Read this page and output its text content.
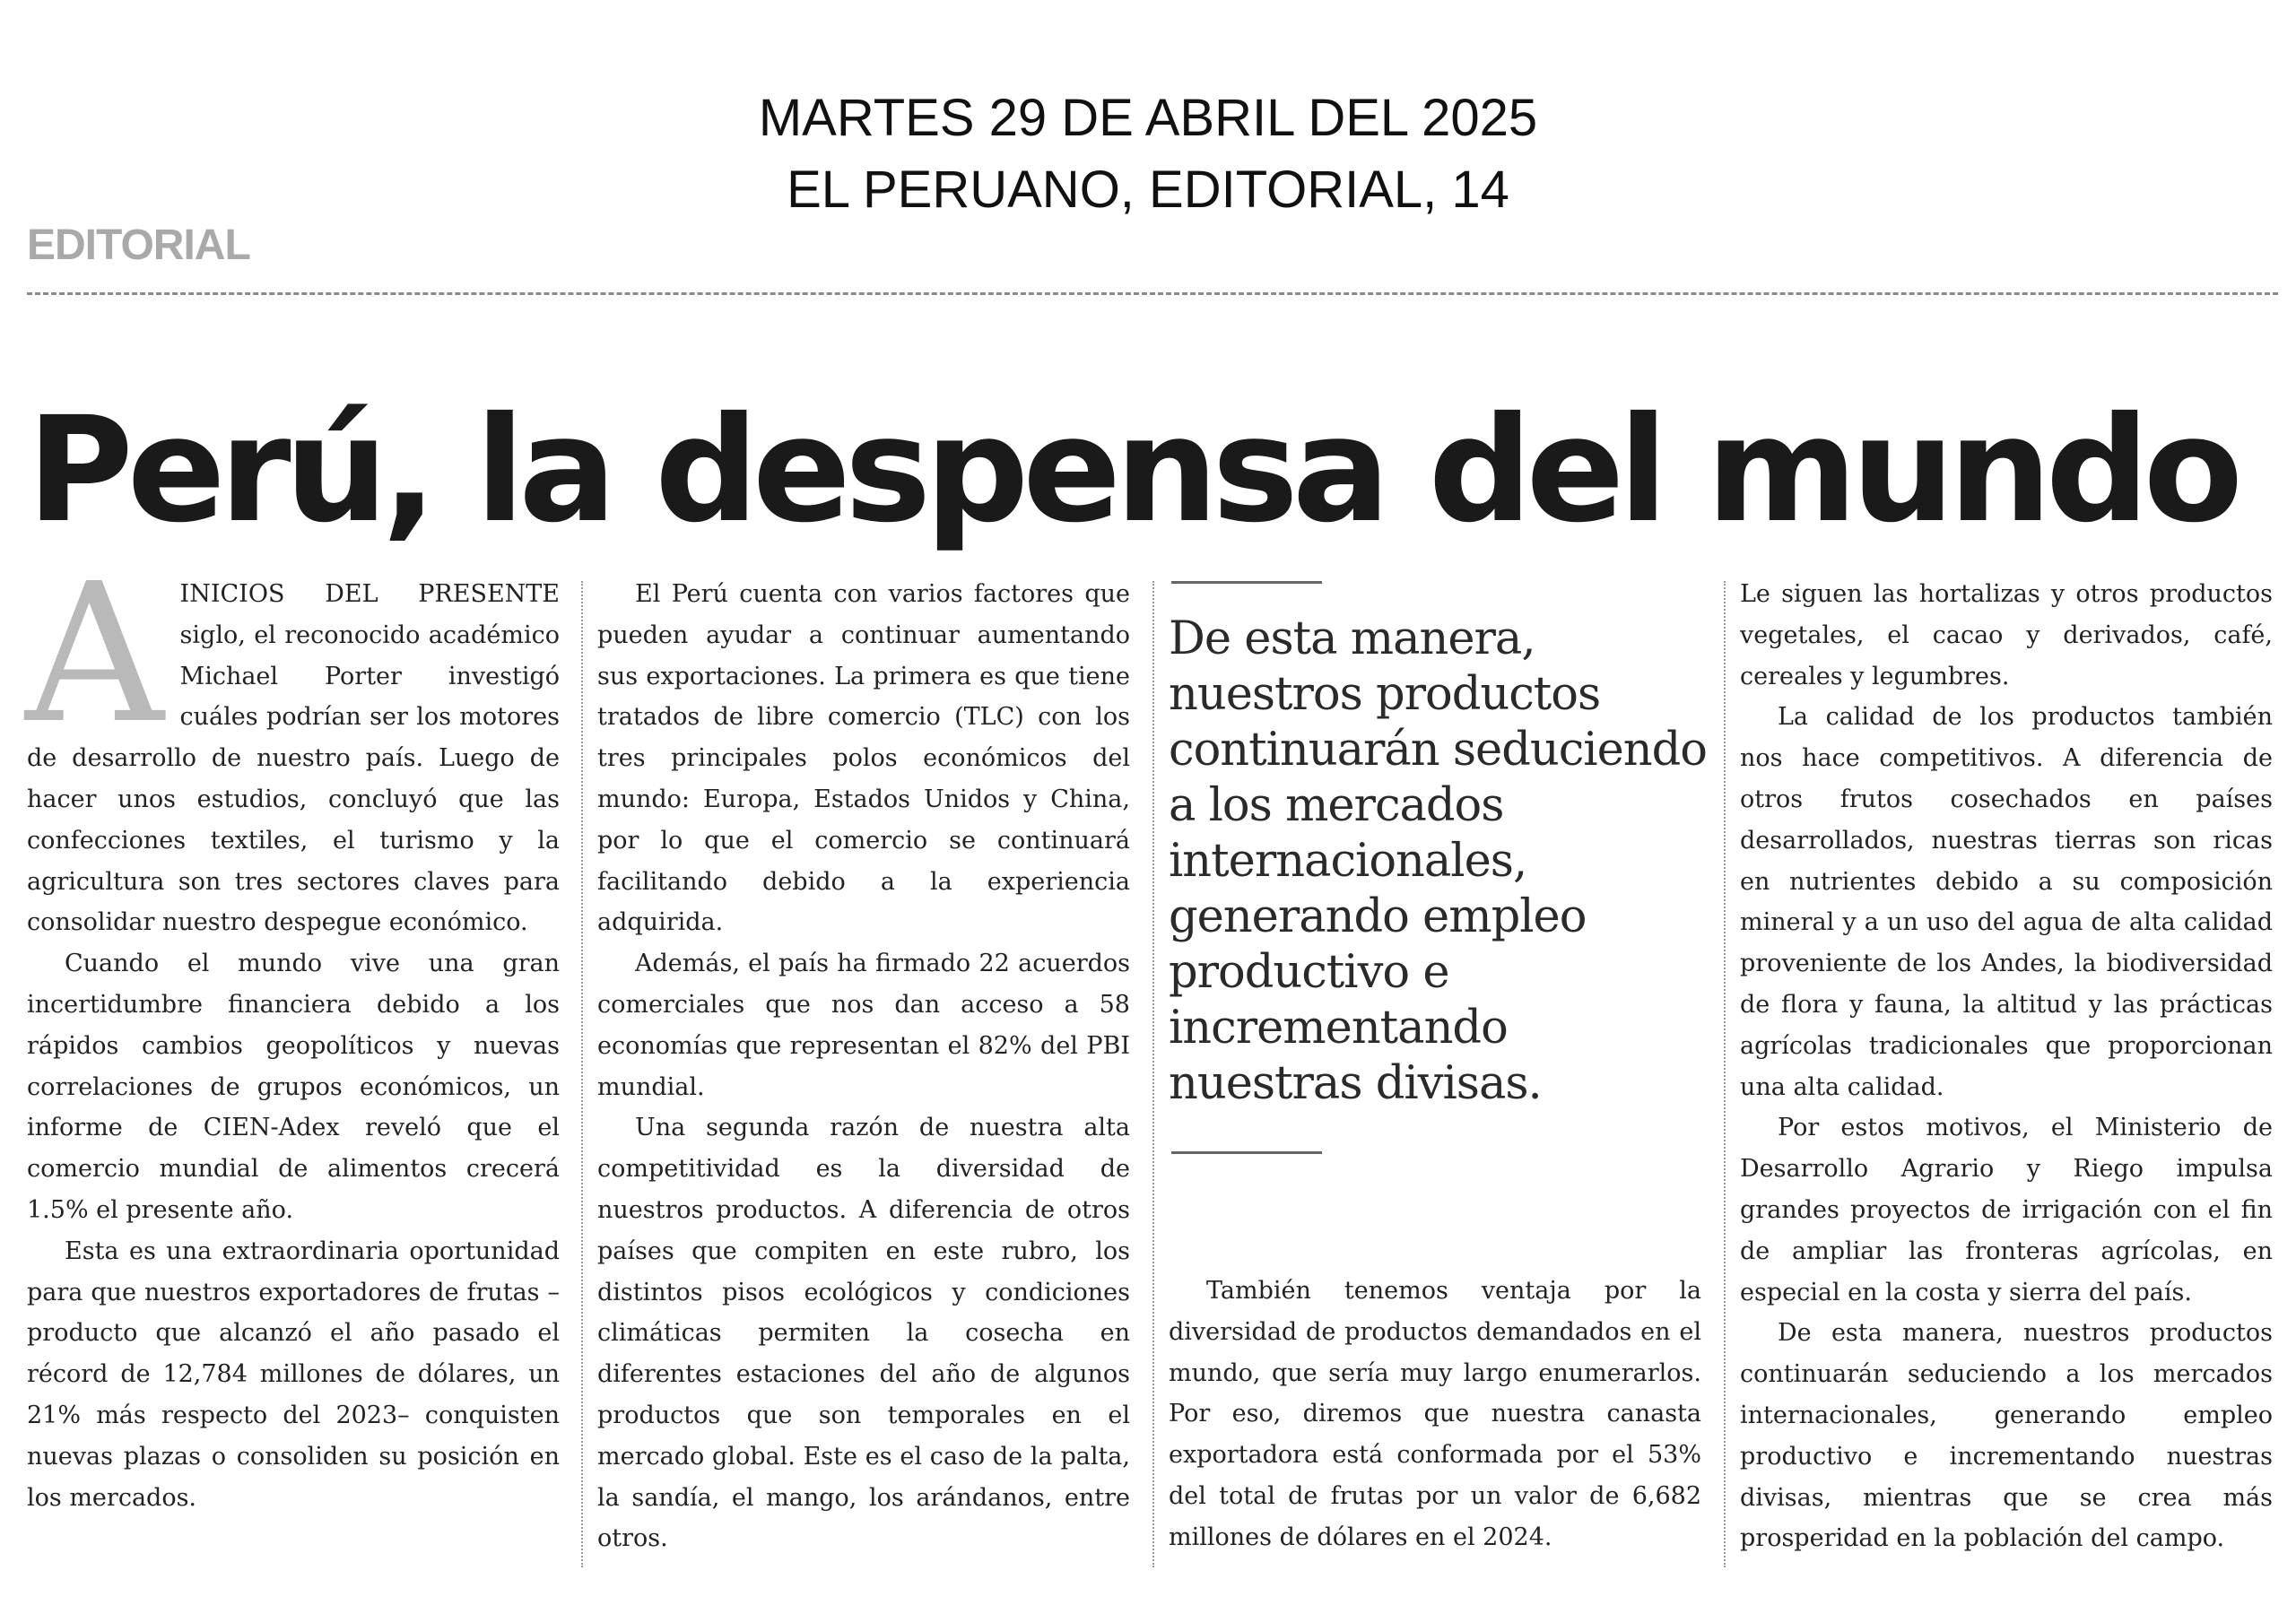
MARTES 29 DE ABRIL DEL 2025
EL PERUANO, EDITORIAL, 14
EDITORIAL
Perú, la despensa del mundo

AINICIOS DEL PRESENTE siglo, el reconocido académico Michael Porter investigó cuáles podrían ser los motores de desarrollo de nuestro país. Luego de hacer unos estudios, concluyó que las confecciones textiles, el turismo y la agricultura son tres sectores claves para consolidar nuestro despegue económico.

Cuando el mundo vive una gran incertidumbre financiera debido a los rápidos cambios geopolíticos y nuevas correlaciones de grupos económicos, un informe de CIEN-Adex reveló que el comercio mundial de alimentos crecerá 1.5% el presente año.

Esta es una extraordinaria oportunidad para que nuestros exportadores de frutas –producto que alcanzó el año pasado el récord de 12,784 millones de dólares, un 21% más respecto del 2023– conquisten nuevas plazas o consoliden su posición en los mercados.

El Perú cuenta con varios factores que pueden ayudar a continuar aumentando sus exportaciones. La primera es que tiene tratados de libre comercio (TLC) con los tres principales polos económicos del mundo: Europa, Estados Unidos y China, por lo que el comercio se continuará facilitando debido a la experiencia adquirida.

Además, el país ha firmado 22 acuerdos comerciales que nos dan acceso a 58 economías que representan el 82% del PBI mundial.

Una segunda razón de nuestra alta competitividad es la diversidad de nuestros productos. A diferencia de otros países que compiten en este rubro, los distintos pisos ecológicos y condiciones climáticas permiten la cosecha en diferentes estaciones del año de algunos productos que son temporales en el mercado global. Este es el caso de la palta, la sandía, el mango, los arándanos, entre otros.

De esta manera, nuestros productos continuarán seduciendo a los mercados internacionales, generando empleo productivo e incrementando nuestras divisas.

También tenemos ventaja por la diversidad de productos demandados en el mundo, que sería muy largo enumerarlos. Por eso, diremos que nuestra canasta exportadora está conformada por el 53% del total de frutas por un valor de 6,682 millones de dólares en el 2024.

Le siguen las hortalizas y otros productos vegetales, el cacao y derivados, café, cereales y legumbres.

La calidad de los productos también nos hace competitivos. A diferencia de otros frutos cosechados en países desarrollados, nuestras tierras son ricas en nutrientes debido a su composición mineral y a un uso del agua de alta calidad proveniente de los Andes, la biodiversidad de flora y fauna, la altitud y las prácticas agrícolas tradicionales que proporcionan una alta calidad.

Por estos motivos, el Ministerio de Desarrollo Agrario y Riego impulsa grandes proyectos de irrigación con el fin de ampliar las fronteras agrícolas, en especial en la costa y sierra del país.

De esta manera, nuestros productos continuarán seduciendo a los mercados internacionales, generando empleo productivo e incrementando nuestras divisas, mientras que se crea más prosperidad en la población del campo.
